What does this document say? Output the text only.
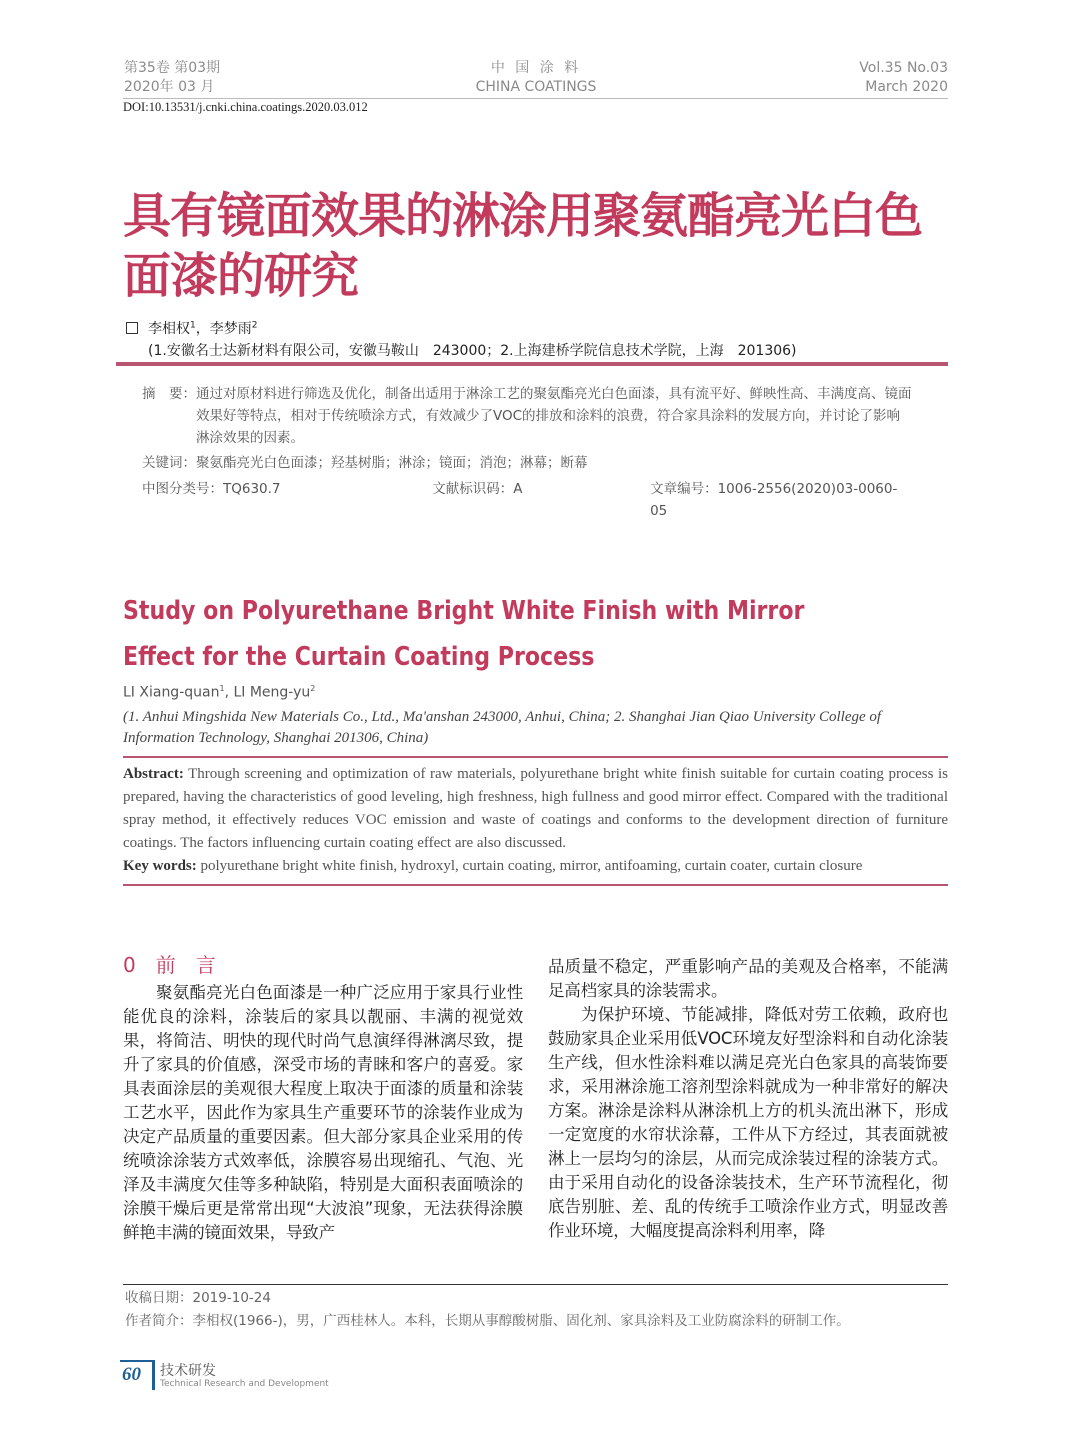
第35卷 第03期
2020年 03 月
中 国 涂 料
CHINA COATINGS
Vol.35 No.03
March 2020
DOI:10.13531/j.cnki.china.coatings.2020.03.012
具有镜面效果的淋涂用聚氨酯亮光白色面漆的研究
李相权$^1$，李梦雨$^2$
(1.安徽名士达新材料有限公司，安徽马鞍山　243000；2.上海建桥学院信息技术学院，上海　201306)
摘　要： 通过对原材料进行筛选及优化，制备出适用于淋涂工艺的聚氨酯亮光白色面漆，具有流平好、鲜映性高、丰满度高、镜面效果好等特点，相对于传统喷涂方式，有效减少了VOC的排放和涂料的浪费，符合家具涂料的发展方向，并讨论了影响淋涂效果的因素。
关键词：聚氨酯亮光白色面漆；羟基树脂；淋涂；镜面；消泡；淋幕；断幕
中图分类号：TQ630.7	文献标识码：A	文章编号：1006-2556(2020)03-0060-05
Study on Polyurethane Bright White Finish with Mirror
Effect for the Curtain Coating Process
LI Xiang-quan$^1$, LI Meng-$yu^2$
(1. Anhui Mingshida New Materials Co., Ltd., Ma'anshan 243000, Anhui, China; 2. Shanghai Jian Qiao University College of Information Technology, Shanghai 201306, China)
Abstract: Through screening and optimization of raw materials, polyurethane bright white finish suitable for curtain coating process is prepared, having the characteristics of good leveling, high freshness, high fullness and good mirror effect. Compared with the traditional spray method, it effectively reduces VOC emission and waste of coatings and conforms to the development direction of furniture coatings. The factors influencing curtain coating effect are also discussed.
Key words: polyurethane bright white finish, hydroxyl, curtain coating, mirror, antifoaming, curtain coater, curtain closure
0　前　言

聚氨酯亮光白色面漆是一种广泛应用于家具行业性能优良的涂料，涂装后的家具以靓丽、丰满的视觉效果，将简洁、明快的现代时尚气息演绎得淋漓尽致，提升了家具的价值感，深受市场的青睐和客户的喜爱。家具表面涂层的美观很大程度上取决于面漆的质量和涂装工艺水平，因此作为家具生产重要环节的涂装作业成为决定产品质量的重要因素。但大部分家具企业采用的传统喷涂涂装方式效率低，涂膜容易出现缩孔、气泡、光泽及丰满度欠佳等多种缺陷，特别是大面积表面喷涂的涂膜干燥后更是常常出现“大波浪”现象，无法获得涂膜鲜艳丰满的镜面效果，导致产

品质量不稳定，严重影响产品的美观及合格率，不能满足高档家具的涂装需求。

为保护环境、节能减排，降低对劳工依赖，政府也鼓励家具企业采用低VOC环境友好型涂料和自动化涂装生产线，但水性涂料难以满足亮光白色家具的高装饰要求，采用淋涂施工溶剂型涂料就成为一种非常好的解决方案。淋涂是涂料从淋涂机上方的机头流出淋下，形成一定宽度的水帘状涂幕，工件从下方经过，其表面就被淋上一层均匀的涂层，从而完成涂装过程的涂装方式。由于采用自动化的设备涂装技术，生产环节流程化，彻底告别脏、差、乱的传统手工喷涂作业方式，明显改善作业环境，大幅度提高涂料利用率，降

收稿日期：2019-10-24
作者简介：李相权(1966-)，男，广西桂林人。本科，长期从事醇酸树脂、固化剂、家具涂料及工业防腐涂料的研制工作。
60 技术研发
Technical Research and Development
